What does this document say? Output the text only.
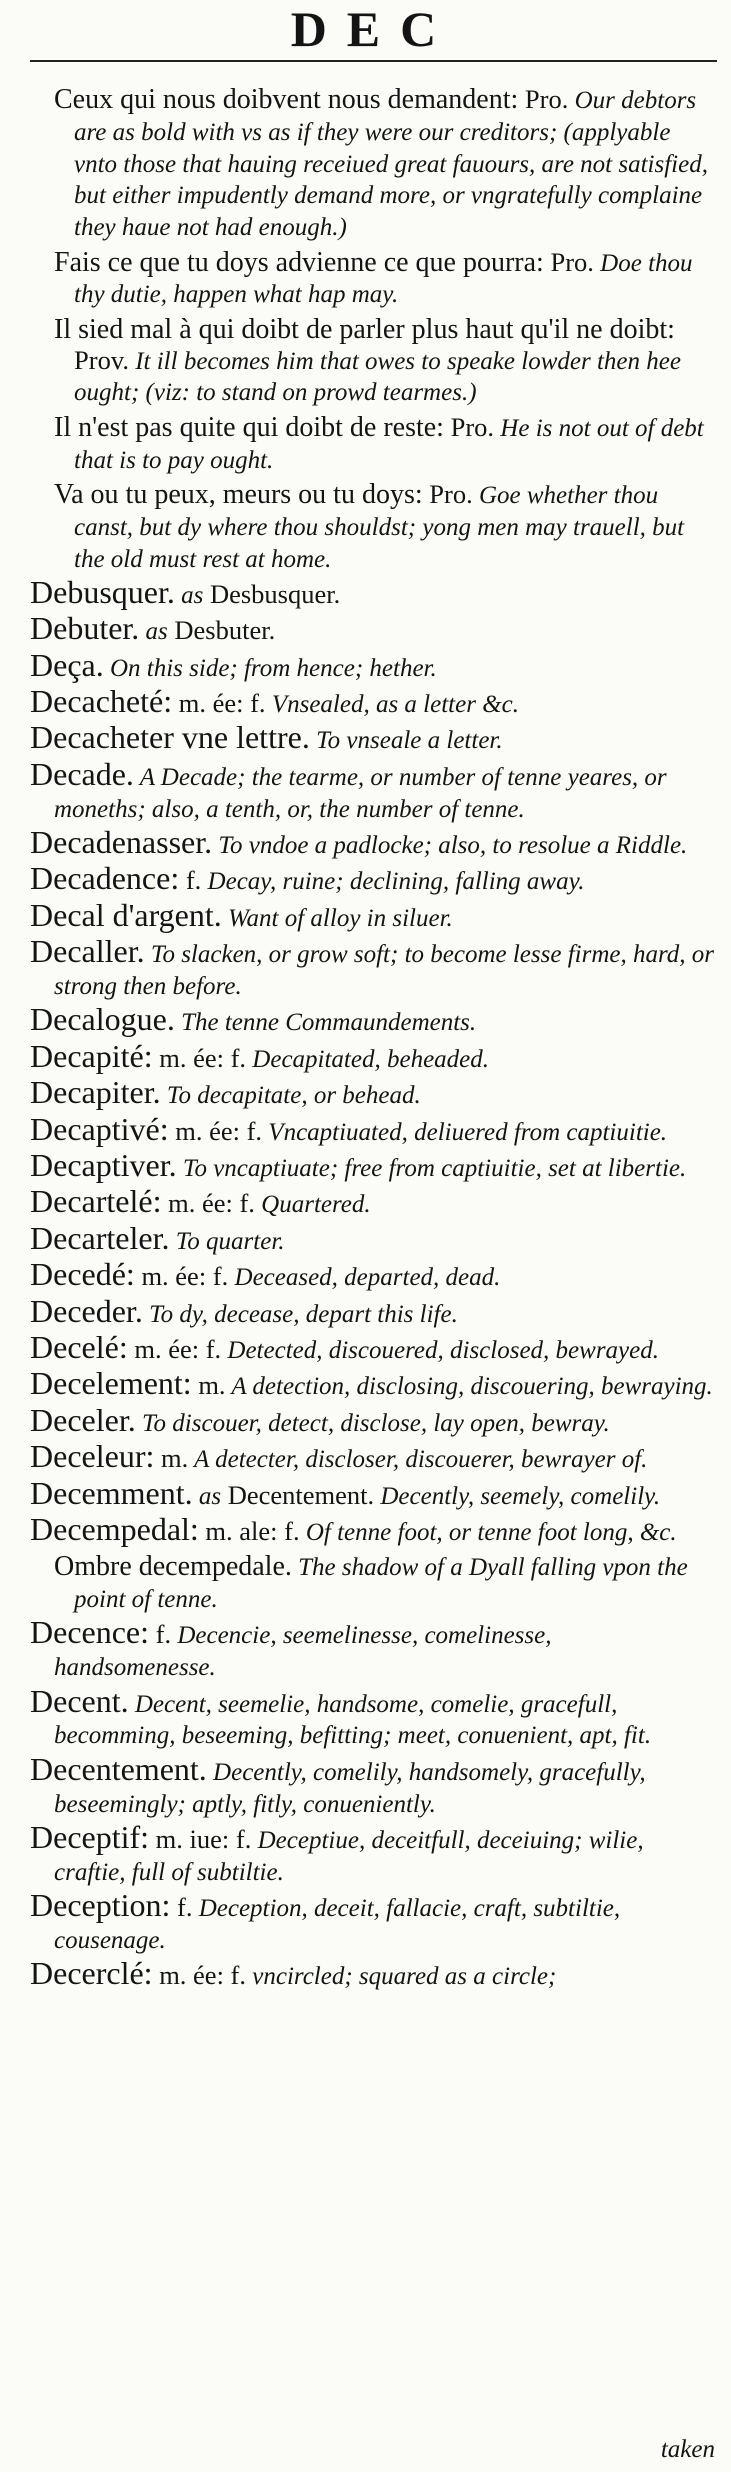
DEC

Ceux qui nous doibvent nous demandent: Pro. Our debtors are as bold with vs as if they were our creditors; (applyable vnto those that hauing receiued great fauours, are not satisfied, but either impudently demand more, or vngratefully complaine they haue not had enough.)

Fais ce que tu doys advienne ce que pourra: Pro. Doe thou thy dutie, happen what hap may.

Il sied mal à qui doibt de parler plus haut qu'il ne doibt: Prov. It ill becomes him that owes to speake lowder then hee ought; (viz: to stand on prowd tearmes.)

Il n'est pas quite qui doibt de reste: Pro. He is not out of debt that is to pay ought.

Va ou tu peux, meurs ou tu doys: Pro. Goe whether thou canst, but dy where thou shouldst; yong men may trauell, but the old must rest at home.

Debusquer. as Desbusquer.

Debuter. as Desbuter.

Deça. On this side; from hence; hether.

Decacheté: m. ée: f. Vnsealed, as a letter &c.

Decacheter vne lettre. To vnseale a letter.

Decade. A Decade; the tearme, or number of tenne yeares, or moneths; also, a tenth, or, the number of tenne.

Decadenasser. To vndoe a padlocke; also, to resolue a Riddle.

Decadence: f. Decay, ruine; declining, falling away.

Decal d'argent. Want of alloy in siluer.

Decaller. To slacken, or grow soft; to become lesse firme, hard, or strong then before.

Decalogue. The tenne Commaundements.

Decapité: m. ée: f. Decapitated, beheaded.

Decapiter. To decapitate, or behead.

Decaptivé: m. ée: f. Vncaptiuated, deliuered from captiuitie.

Decaptiver. To vncaptiuate; free from captiuitie, set at libertie.

Decartelé: m. ée: f. Quartered.

Decarteler. To quarter.

Decedé: m. ée: f. Deceased, departed, dead.

Deceder. To dy, decease, depart this life.

Decelé: m. ée: f. Detected, discouered, disclosed, bewrayed.

Decelement: m. A detection, disclosing, discouering, bewraying.

Deceler. To discouer, detect, disclose, lay open, bewray.

Deceleur: m. A detecter, discloser, discouerer, bewrayer of.

Decemment. as Decentement. Decently, seemely, comelily.

Decempedal: m. ale: f. Of tenne foot, or tenne foot long, &c.

Ombre decempedale. The shadow of a Dyall falling vpon the point of tenne.

Decence: f. Decencie, seemelinesse, comelinesse, handsomenesse.

Decent. Decent, seemelie, handsome, comelie, gracefull, becomming, beseeming, befitting; meet, conuenient, apt, fit.

Decentement. Decently, comelily, handsomely, gracefully, beseemingly; aptly, fitly, conueniently.

Deceptif: m. iue: f. Deceptiue, deceitfull, deceiuing; wilie, craftie, full of subtiltie.

Deception: f. Deception, deceit, fallacie, craft, subtiltie, cousenage.

Decerclé: m. ée: f. vncircled; squared as a circle;

taken
